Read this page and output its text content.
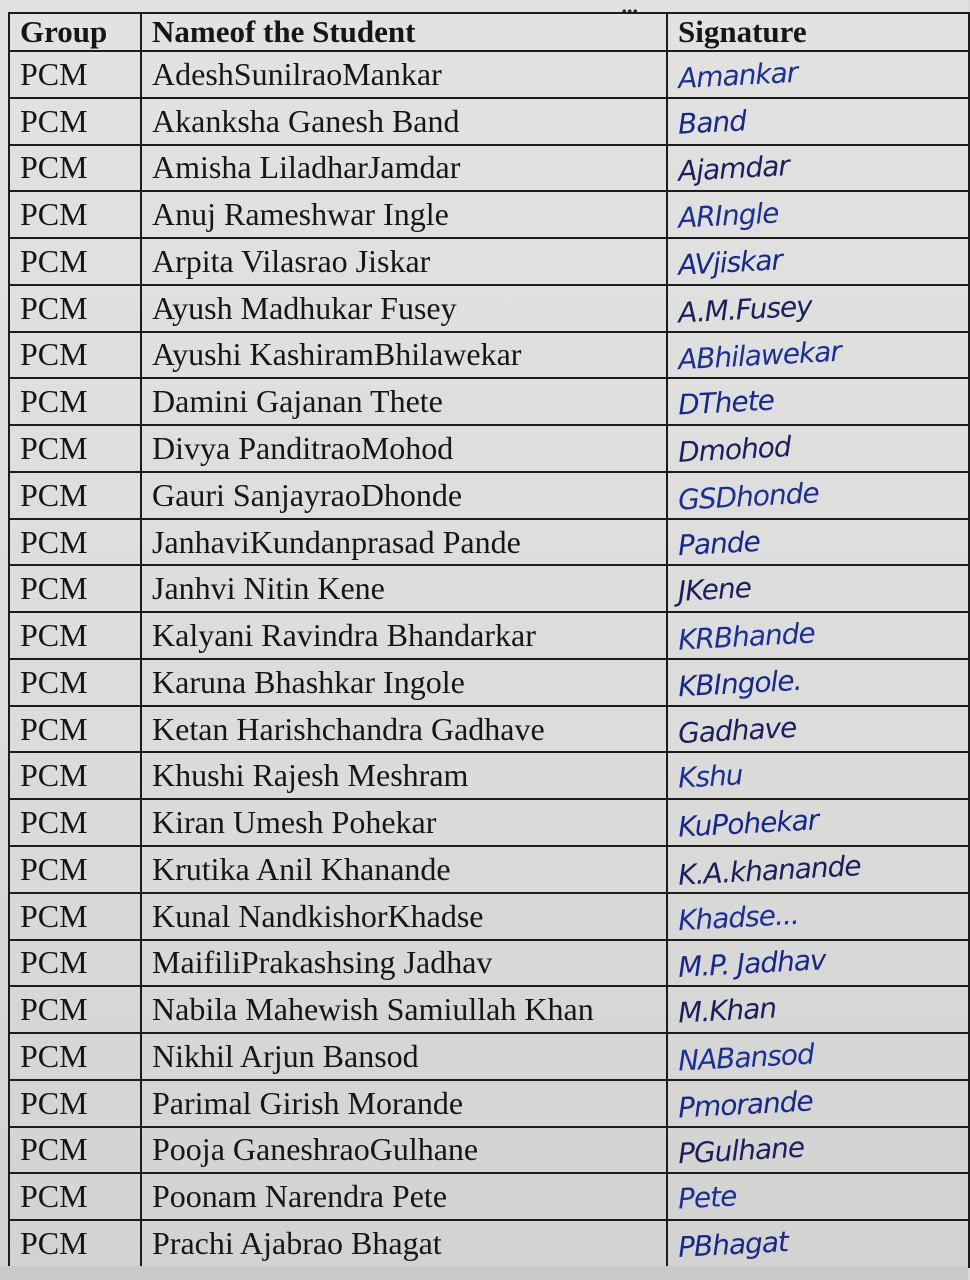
...
Group	Nameof the Student	Signature
PCM	AdeshSunilraoMankar	Amankar
PCM	Akanksha Ganesh Band	Band
PCM	Amisha LiladharJamdar	Ajamdar
PCM	Anuj Rameshwar Ingle	ARIngle
PCM	Arpita Vilasrao Jiskar	AVjiskar
PCM	Ayush Madhukar Fusey	A.M.Fusey
PCM	Ayushi KashiramBhilawekar	ABhilawekar
PCM	Damini Gajanan Thete	DThete
PCM	Divya PanditraoMohod	Dmohod
PCM	Gauri SanjayraoDhonde	GSDhonde
PCM	JanhaviKundanprasad Pande	Pande
PCM	Janhvi Nitin Kene	JKene
PCM	Kalyani Ravindra Bhandarkar	KRBhande
PCM	Karuna Bhashkar Ingole	KBIngole.
PCM	Ketan Harishchandra Gadhave	Gadhave
PCM	Khushi Rajesh Meshram	Kshu
PCM	Kiran Umesh Pohekar	KuPohekar
PCM	Krutika Anil Khanande	K.A.khanande
PCM	Kunal NandkishorKhadse	Khadse...
PCM	MaifiliPrakashsing Jadhav	M.P. Jadhav
PCM	Nabila Mahewish Samiullah Khan	M.Khan
PCM	Nikhil Arjun Bansod	NABansod
PCM	Parimal Girish Morande	Pmorande
PCM	Pooja GaneshraoGulhane	PGulhane
PCM	Poonam Narendra Pete	Pete
PCM	Prachi Ajabrao Bhagat	PBhagat
